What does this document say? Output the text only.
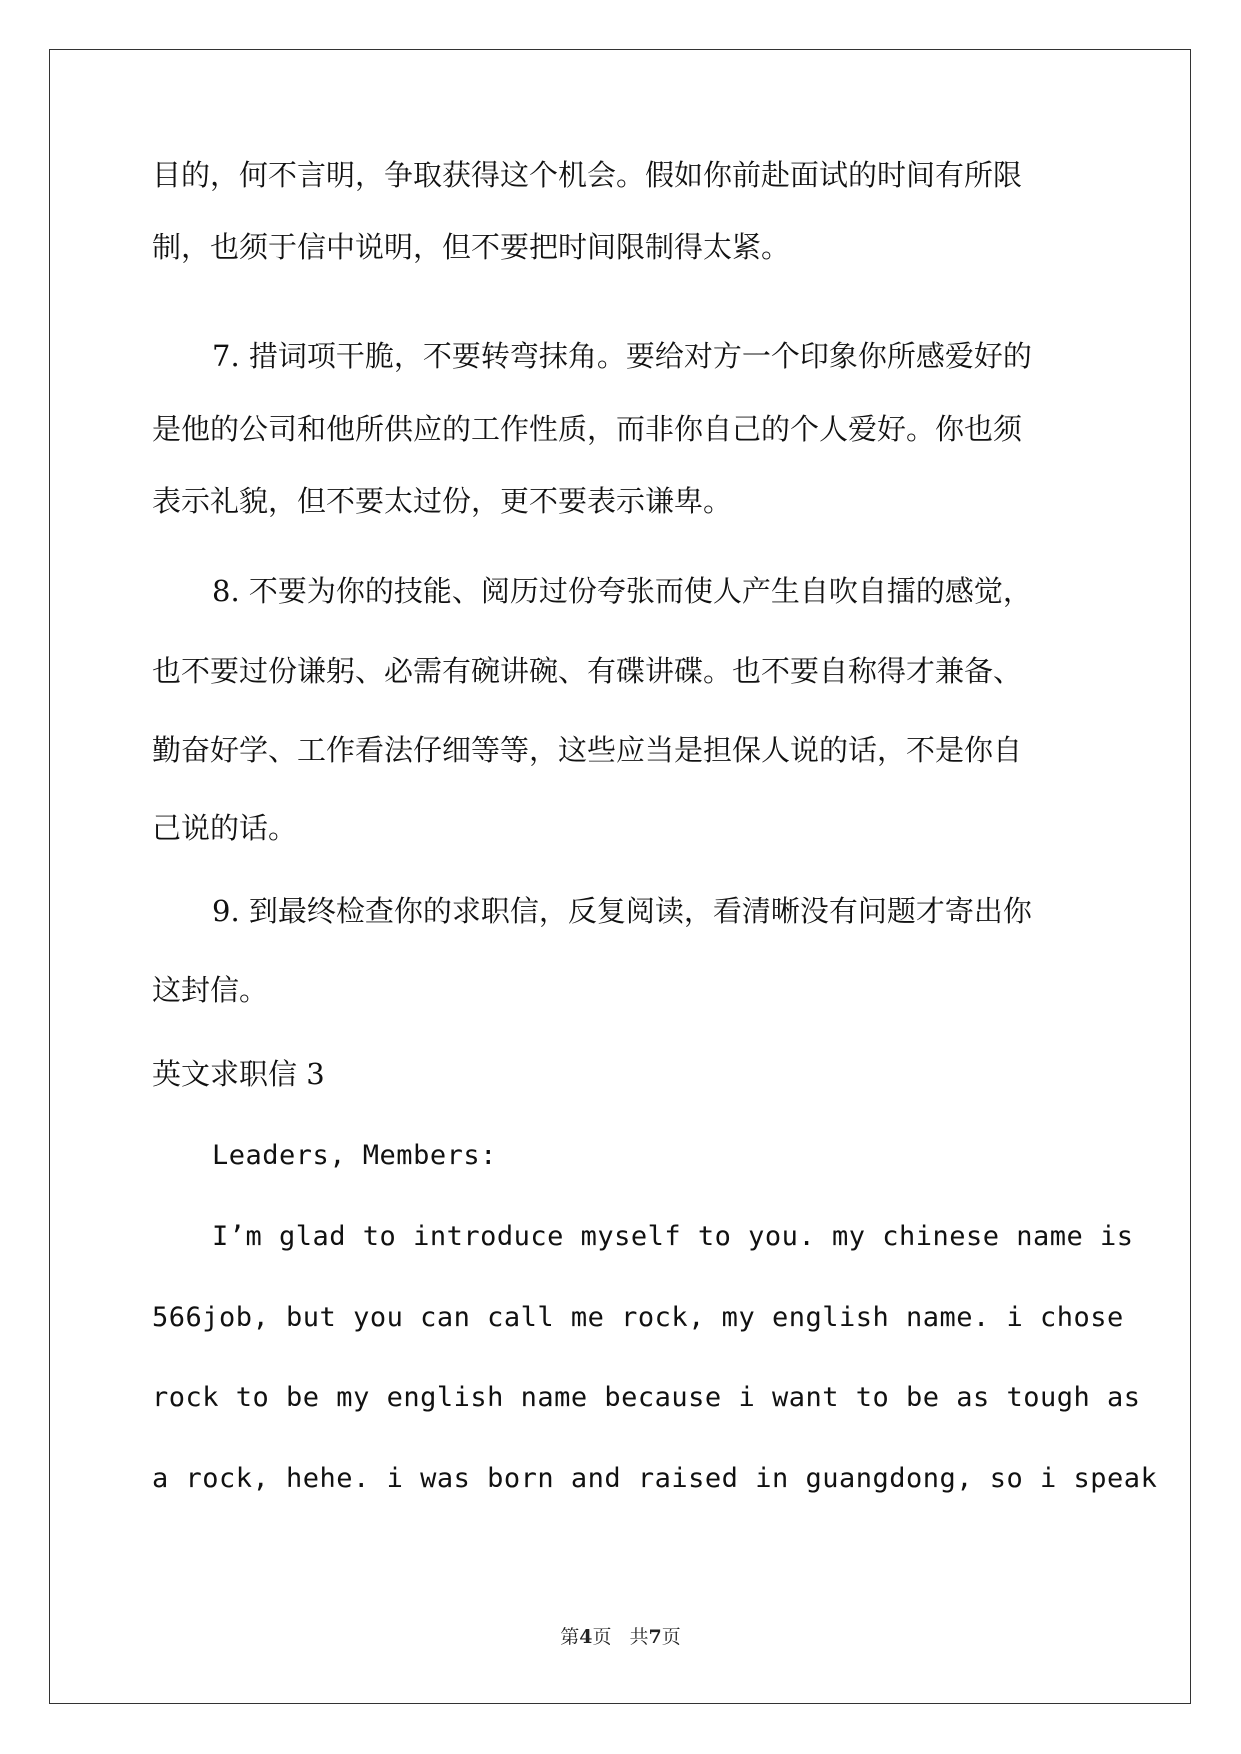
目的，何不言明，争取获得这个机会。假如你前赴面试的时间有所限
制，也须于信中说明，但不要把时间限制得太紧。
7. 措词项干脆，不要转弯抹角。要给对方一个印象你所感爱好的
是他的公司和他所供应的工作性质，而非你自己的个人爱好。你也须
表示礼貌，但不要太过份，更不要表示谦卑。
8. 不要为你的技能、阅历过份夸张而使人产生自吹自擂的感觉，
也不要过份谦躬、必需有碗讲碗、有碟讲碟。也不要自称得才兼备、
勤奋好学、工作看法仔细等等，这些应当是担保人说的话，不是你自
己说的话。
9. 到最终检查你的求职信，反复阅读，看清晰没有问题才寄出你
这封信。
英文求职信 3
Leaders, Members:
I’m glad to introduce myself to you. my chinese name is
566job, but you can call me rock, my english name. i chose
rock to be my english name because i want to be as tough as
a rock, hehe. i was born and raised in guangdong, so i speak
第4页 共7页
